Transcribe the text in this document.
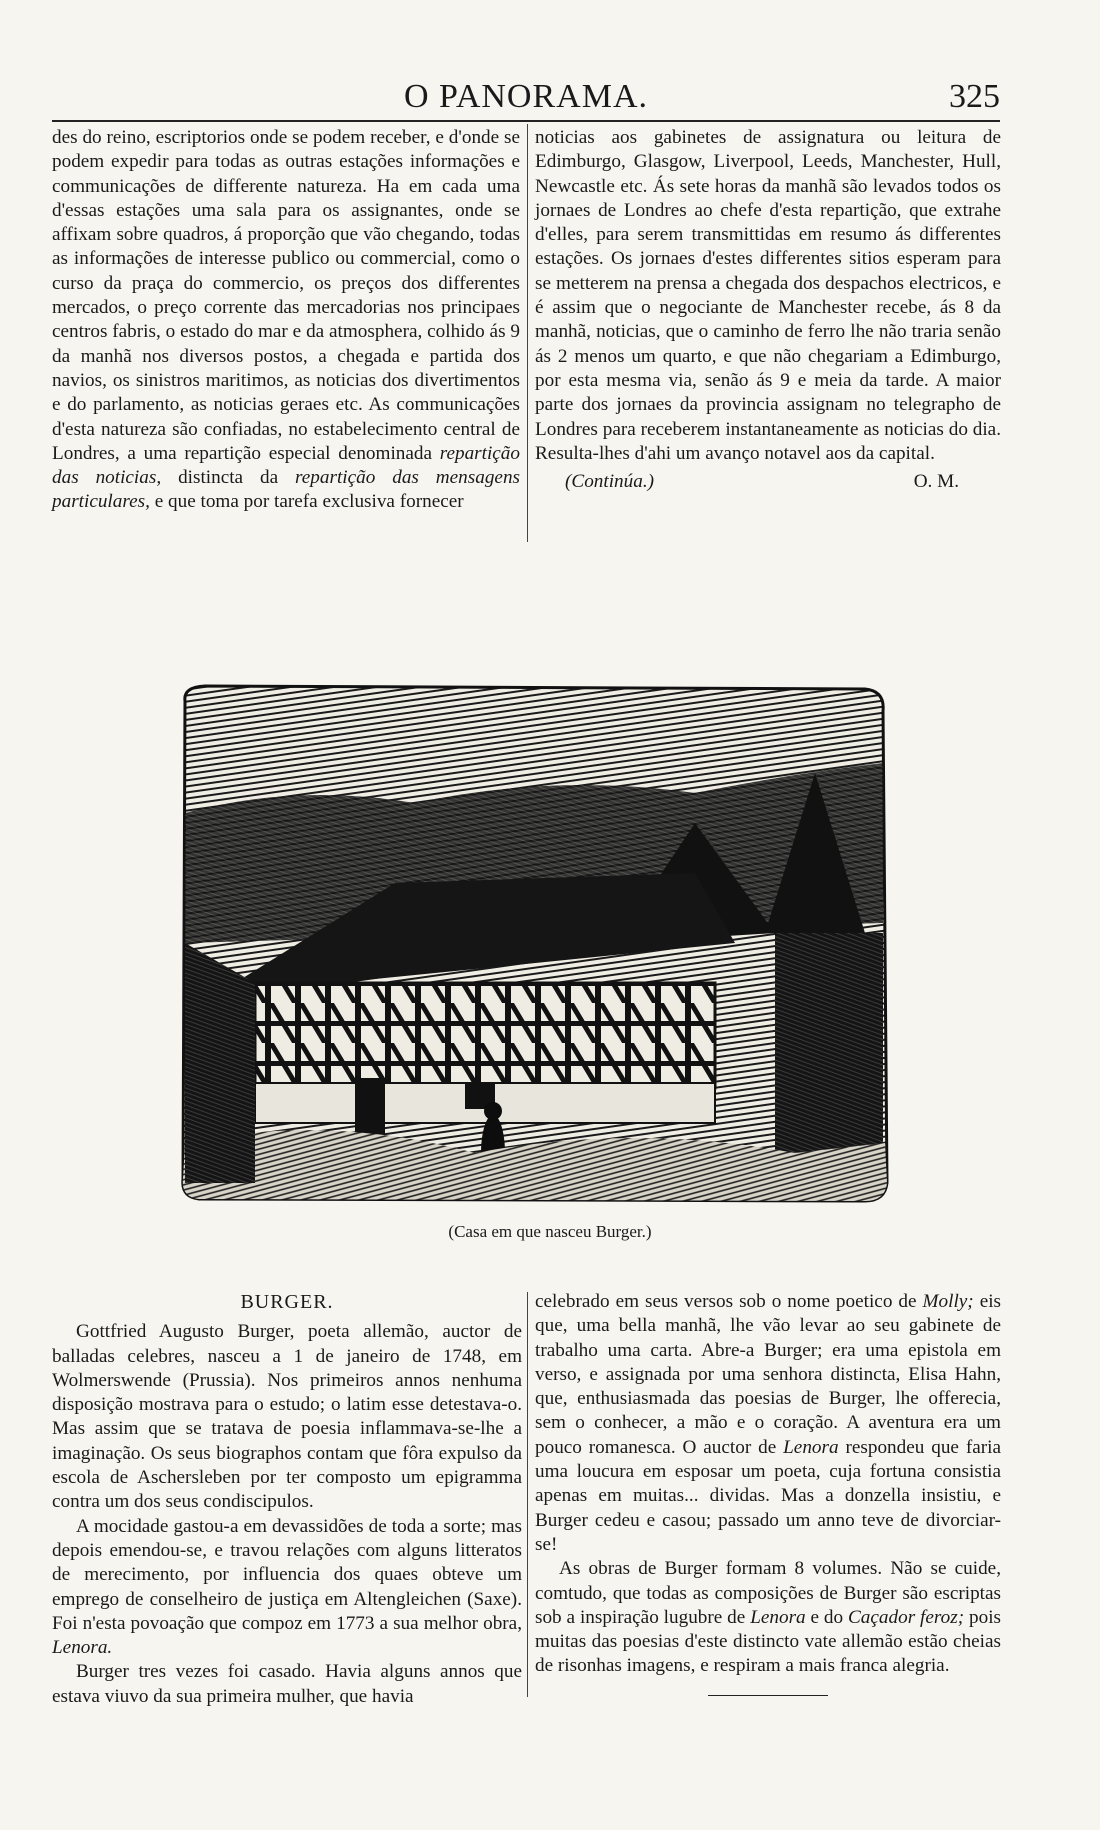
O PANORAMA.	325

des do reino, escriptorios onde se podem receber, e d'onde se podem expedir para todas as outras estações informações e communicações de differente natureza. Ha em cada uma d'essas estações uma sala para os assignantes, onde se affixam sobre quadros, á proporção que vão chegando, todas as informações de interesse publico ou commercial, como o curso da praça do commercio, os preços dos differentes mercados, o preço corrente das mercadorias nos principaes centros fabris, o estado do mar e da atmosphera, colhido ás 9 da manhã nos diversos postos, a chegada e partida dos navios, os sinistros maritimos, as noticias dos divertimentos e do parlamento, as noticias geraes etc. As communicações d'esta natureza são confiadas, no estabelecimento central de Londres, a uma repartição especial denominada repartição das noticias, distincta da repartição das mensagens particulares, e que toma por tarefa exclusiva fornecer

noticias aos gabinetes de assignatura ou leitura de Edimburgo, Glasgow, Liverpool, Leeds, Manchester, Hull, Newcastle etc. Ás sete horas da manhã são levados todos os jornaes de Londres ao chefe d'esta repartição, que extrahe d'elles, para serem transmittidas em resumo ás differentes estações. Os jornaes d'estes differentes sitios esperam para se metterem na prensa a chegada dos despachos electricos, e é assim que o negociante de Manchester recebe, ás 8 da manhã, noticias, que o caminho de ferro lhe não traria senão ás 2 menos um quarto, e que não chegariam a Edimburgo, por esta mesma via, senão ás 9 e meia da tarde. A maior parte dos jornaes da provincia assignam no telegrapho de Londres para receberem instantaneamente as noticias do dia. Resulta-lhes d'ahi um avanço notavel aos da capital.

(Continúa.)	O. M.
(Casa em que nasceu Burger.)
BURGER.

Gottfried Augusto Burger, poeta allemão, auctor de balladas celebres, nasceu a 1 de janeiro de 1748, em Wolmerswende (Prussia). Nos primeiros annos nenhuma disposição mostrava para o estudo; o latim esse detestava-o. Mas assim que se tratava de poesia inflammava-se-lhe a imaginação. Os seus biographos contam que fôra expulso da escola de Aschersleben por ter composto um epigramma contra um dos seus condiscipulos.

A mocidade gastou-a em devassidões de toda a sorte; mas depois emendou-se, e travou relações com alguns litteratos de merecimento, por influencia dos quaes obteve um emprego de conselheiro de justiça em Altengleichen (Saxe). Foi n'esta povoação que compoz em 1773 a sua melhor obra, Lenora.

Burger tres vezes foi casado. Havia alguns annos que estava viuvo da sua primeira mulher, que havia

celebrado em seus versos sob o nome poetico de Molly; eis que, uma bella manhã, lhe vão levar ao seu gabinete de trabalho uma carta. Abre-a Burger; era uma epistola em verso, e assignada por uma senhora distincta, Elisa Hahn, que, enthusiasmada das poesias de Burger, lhe offerecia, sem o conhecer, a mão e o coração. A aventura era um pouco romanesca. O auctor de Lenora respondeu que faria uma loucura em esposar um poeta, cuja fortuna consistia apenas em muitas... dividas. Mas a donzella insistiu, e Burger cedeu e casou; passado um anno teve de divorciar-se!

As obras de Burger formam 8 volumes. Não se cuide, comtudo, que todas as composições de Burger são escriptas sob a inspiração lugubre de Lenora e do Caçador feroz; pois muitas das poesias d'este distincto vate allemão estão cheias de risonhas imagens, e respiram a mais franca alegria.
